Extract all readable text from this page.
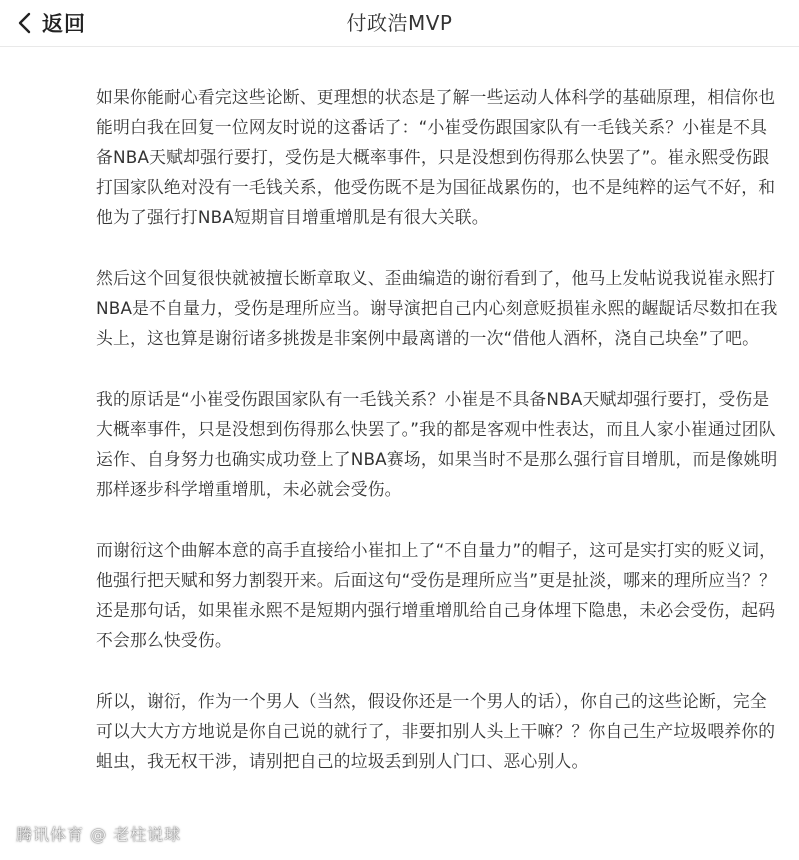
返回	付政浩MVP

如果你能耐心看完这些论断、更理想的状态是了解一些运动人体科学的基础原理，相信你也能明白我在回复一位网友时说的这番话了：“小崔受伤跟国家队有一毛钱关系？小崔是不具备NBA天赋却强行要打，受伤是大概率事件，只是没想到伤得那么快罢了”。崔永熙受伤跟打国家队绝对没有一毛钱关系，他受伤既不是为国征战累伤的，也不是纯粹的运气不好，和他为了强行打NBA短期盲目增重增肌是有很大关联。

然后这个回复很快就被擅长断章取义、歪曲编造的谢衍看到了，他马上发帖说我说崔永熙打NBA是不自量力，受伤是理所应当。谢导演把自己内心刻意贬损崔永熙的龌龊话尽数扣在我头上，这也算是谢衍诸多挑拨是非案例中最离谱的一次“借他人酒杯，浇自己块垒”了吧。

我的原话是“小崔受伤跟国家队有一毛钱关系？小崔是不具备NBA天赋却强行要打，受伤是大概率事件，只是没想到伤得那么快罢了。”我的都是客观中性表达，而且人家小崔通过团队运作、自身努力也确实成功登上了NBA赛场，如果当时不是那么强行盲目增肌，而是像姚明那样逐步科学增重增肌，未必就会受伤。

而谢衍这个曲解本意的高手直接给小崔扣上了“不自量力”的帽子，这可是实打实的贬义词，他强行把天赋和努力割裂开来。后面这句“受伤是理所应当”更是扯淡，哪来的理所应当？？还是那句话，如果崔永熙不是短期内强行增重增肌给自己身体埋下隐患，未必会受伤，起码不会那么快受伤。

所以，谢衍，作为一个男人（当然，假设你还是一个男人的话），你自己的这些论断，完全可以大大方方地说是你自己说的就行了，非要扣别人头上干嘛？？你自己生产垃圾喂养你的蛆虫，我无权干涉，请别把自己的垃圾丢到别人门口、恶心别人。

腾讯体育 @ 老柱说球
